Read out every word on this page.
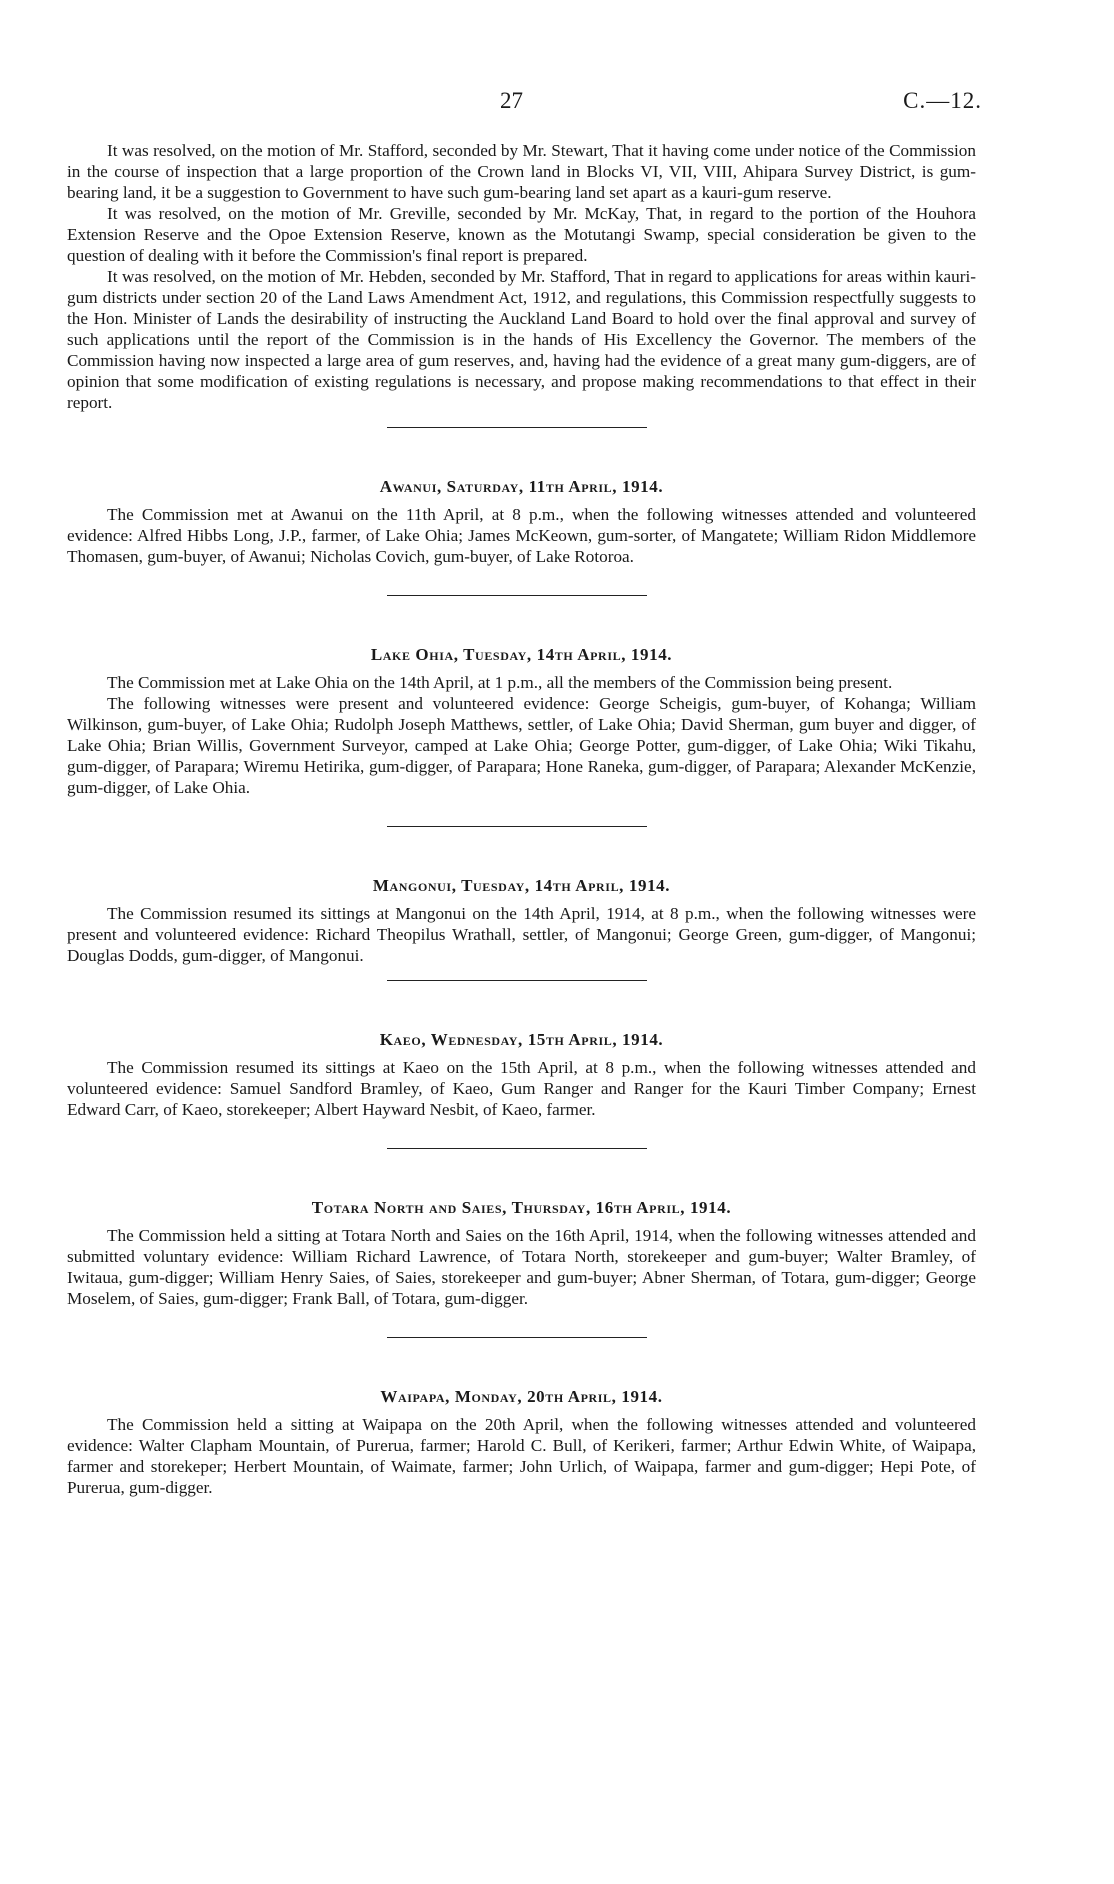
27	C.—12.

It was resolved, on the motion of Mr. Stafford, seconded by Mr. Stewart, That it having come under notice of the Commission in the course of inspection that a large proportion of the Crown land in Blocks VI, VII, VIII, Ahipara Survey District, is gum-bearing land, it be a suggestion to Government to have such gum-bearing land set apart as a kauri-gum reserve.

It was resolved, on the motion of Mr. Greville, seconded by Mr. McKay, That, in regard to the portion of the Houhora Extension Reserve and the Opoe Extension Reserve, known as the Motutangi Swamp, special consideration be given to the question of dealing with it before the Commission's final report is prepared.

It was resolved, on the motion of Mr. Hebden, seconded by Mr. Stafford, That in regard to applications for areas within kauri-gum districts under section 20 of the Land Laws Amendment Act, 1912, and regulations, this Commission respectfully suggests to the Hon. Minister of Lands the desirability of instructing the Auckland Land Board to hold over the final approval and survey of such applications until the report of the Commission is in the hands of His Excellency the Governor. The members of the Commission having now inspected a large area of gum reserves, and, having had the evidence of a great many gum-diggers, are of opinion that some modification of existing regulations is necessary, and propose making recommendations to that effect in their report.

Awanui, Saturday, 11th April, 1914.

The Commission met at Awanui on the 11th April, at 8 p.m., when the following witnesses attended and volunteered evidence: Alfred Hibbs Long, J.P., farmer, of Lake Ohia; James McKeown, gum-sorter, of Mangatete; William Ridon Middlemore Thomasen, gum-buyer, of Awanui; Nicholas Covich, gum-buyer, of Lake Rotoroa.

Lake Ohia, Tuesday, 14th April, 1914.

The Commission met at Lake Ohia on the 14th April, at 1 p.m., all the members of the Commission being present.

The following witnesses were present and volunteered evidence: George Scheigis, gum-buyer, of Kohanga; William Wilkinson, gum-buyer, of Lake Ohia; Rudolph Joseph Matthews, settler, of Lake Ohia; David Sherman, gum buyer and digger, of Lake Ohia; Brian Willis, Government Surveyor, camped at Lake Ohia; George Potter, gum-digger, of Lake Ohia; Wiki Tikahu, gum-digger, of Parapara; Wiremu Hetirika, gum-digger, of Parapara; Hone Raneka, gum-digger, of Parapara; Alexander McKenzie, gum-digger, of Lake Ohia.

Mangonui, Tuesday, 14th April, 1914.

The Commission resumed its sittings at Mangonui on the 14th April, 1914, at 8 p.m., when the following witnesses were present and volunteered evidence: Richard Theopilus Wrathall, settler, of Mangonui; George Green, gum-digger, of Mangonui; Douglas Dodds, gum-digger, of Mangonui.

Kaeo, Wednesday, 15th April, 1914.

The Commission resumed its sittings at Kaeo on the 15th April, at 8 p.m., when the following witnesses attended and volunteered evidence: Samuel Sandford Bramley, of Kaeo, Gum Ranger and Ranger for the Kauri Timber Company; Ernest Edward Carr, of Kaeo, storekeeper; Albert Hayward Nesbit, of Kaeo, farmer.

Totara North and Saies, Thursday, 16th April, 1914.

The Commission held a sitting at Totara North and Saies on the 16th April, 1914, when the following witnesses attended and submitted voluntary evidence: William Richard Lawrence, of Totara North, storekeeper and gum-buyer; Walter Bramley, of Iwitaua, gum-digger; William Henry Saies, of Saies, storekeeper and gum-buyer; Abner Sherman, of Totara, gum-digger; George Moselem, of Saies, gum-digger; Frank Ball, of Totara, gum-digger.

Waipapa, Monday, 20th April, 1914.

The Commission held a sitting at Waipapa on the 20th April, when the following witnesses attended and volunteered evidence: Walter Clapham Mountain, of Purerua, farmer; Harold C. Bull, of Kerikeri, farmer; Arthur Edwin White, of Waipapa, farmer and storekeper; Herbert Mountain, of Waimate, farmer; John Urlich, of Waipapa, farmer and gum-digger; Hepi Pote, of Purerua, gum-digger.
